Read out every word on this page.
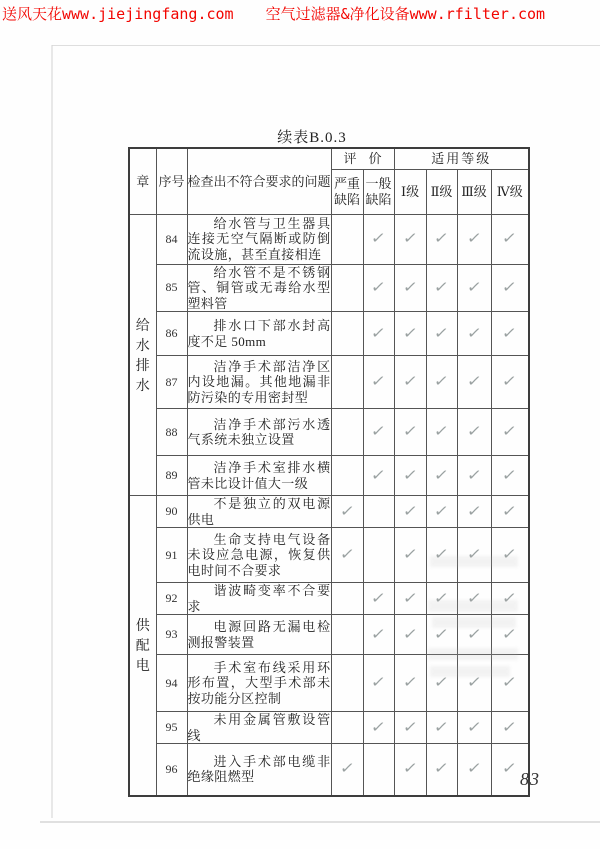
送风天花www.jiejingfang.com 空气过滤器&净化设备www.rfilter.com
续表B.0.3
章	序号	检查出不符合要求的问题	评价		适用等级			
			严重缺陷	一般缺陷	Ⅰ级	Ⅱ级	Ⅲ级	Ⅳ级

给
水
排
水	84	给水管与卫生器具连接无空气隔断或防倒流设施，甚至直接相连		✓	✓	✓	✓	✓
	85	给水管不是不锈钢管、铜管或无毒给水型塑料管		✓	✓	✓	✓	✓
	86	排水口下部水封高度不足 50mm		✓	✓	✓	✓	✓
	87	洁净手术部洁净区内设地漏。其他地漏非防污染的专用密封型		✓	✓	✓	✓	✓
	88	洁净手术部污水透气系统未独立设置		✓	✓	✓	✓	✓
	89	洁净手术室排水横管未比设计值大一级		✓	✓	✓	✓	✓

供
配
电	90	不是独立的双电源供电	✓		✓	✓	✓	✓
	91	生命支持电气设备未设应急电源，恢复供电时间不合要求	✓		✓	✓	✓	✓
	92	谐波畸变率不合要求		✓	✓	✓	✓	✓
	93	电源回路无漏电检测报警装置		✓	✓	✓	✓	✓
	94	手术室布线采用环形布置，大型手术部未按功能分区控制		✓	✓	✓	✓	✓
	95	未用金属管敷设管线		✓	✓	✓	✓	✓
	96	进入手术部电缆非绝缘阻燃型	✓		✓	✓	✓	✓
83
